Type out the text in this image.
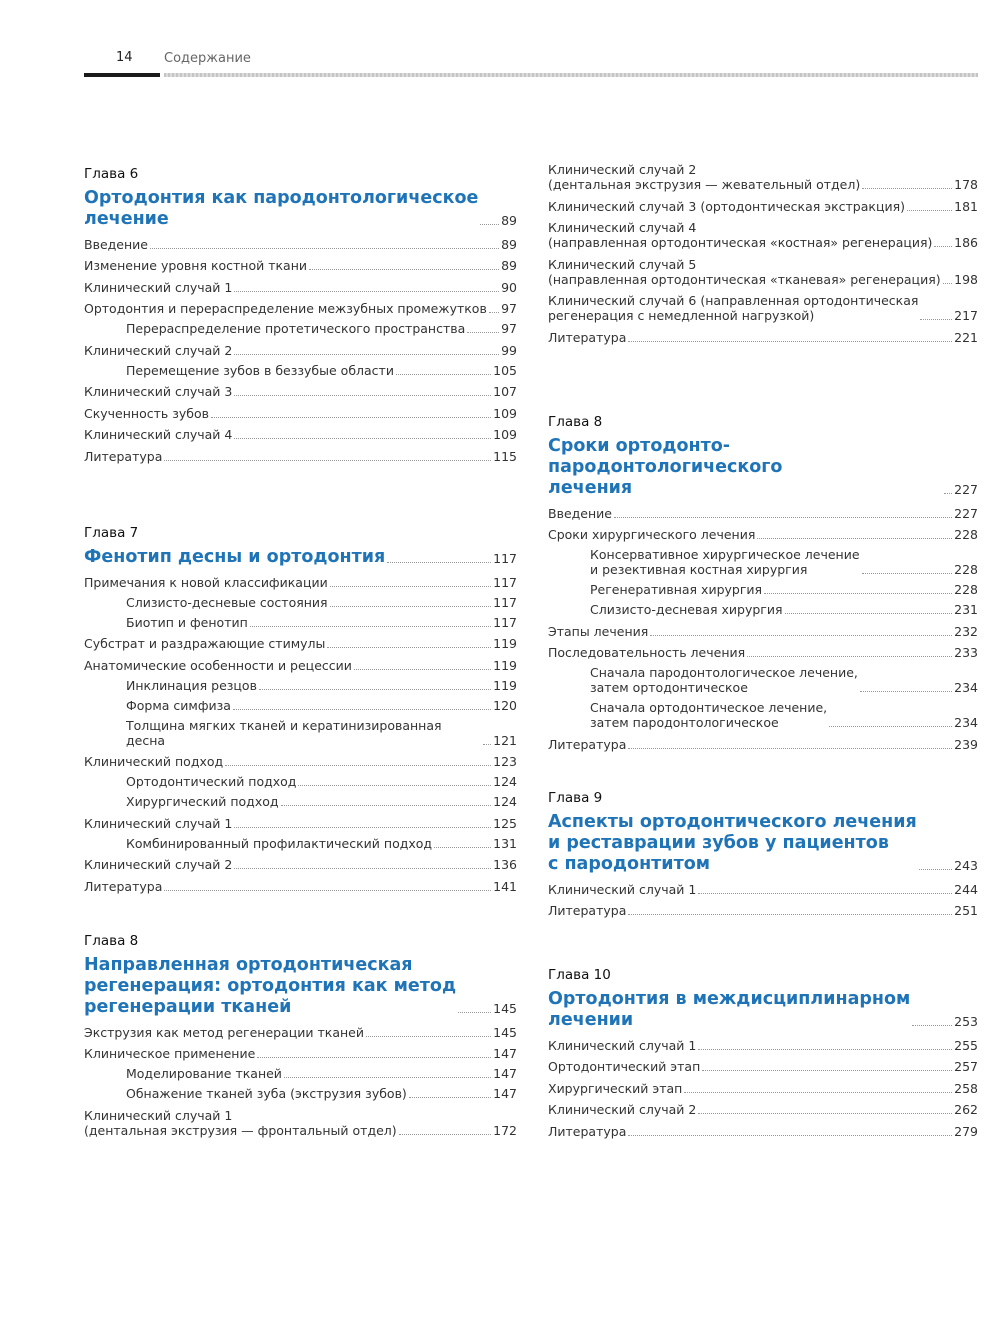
14 Содержание
Глава 6
Ортодонтия как пародонтологическое
лечение	89
Введение	89
Изменение уровня костной ткани	89
Клинический случай 1	90
Ортодонтия и перераспределение межзубных промежутков 97
Перераспределение протетического пространства	97
Клинический случай 2	99
Перемещение зубов в беззубые области	105
Клинический случай 3	107
Скученность зубов	109
Клинический случай 4	109
Литература	115
Глава 7
Фенотип десны и ортодонтия	117
Примечания к новой классификации	117
Слизисто-десневые состояния	117
Биотип и фенотип	117
Субстрат и раздражающие стимулы	119
Анатомические особенности и рецессии	119
Инклинация резцов	119
Форма симфиза	120
Толщина мягких тканей и кератинизированная десна	121
Клинический подход	123
Ортодонтический подход	124
Хирургический подход	124
Клинический случай 1	125
Комбинированный профилактический подход	131
Клинический случай 2	136
Литература	141
Глава 8
Направленная ортодонтическая
регенерация: ортодонтия как метод
регенерации тканей	145
Экструзия как метод регенерации тканей	145
Клиническое применение	147
Моделирование тканей	147
Обнажение тканей зуба (экструзия зубов)	147
Клинический случай 1
(дентальная экструзия — фронтальный отдел)	172
Клинический случай 2
(дентальная экструзия — жевательный отдел)	178
Клинический случай 3 (ортодонтическая экстракция)	181
Клинический случай 4
(направленная ортодонтическая «костная» регенерация) 186
Клинический случай 5
(направленная ортодонтическая «тканевая» регенерация) 198
Клинический случай 6 (направленная ортодонтическая
регенерация с немедленной нагрузкой)	217
Литература	221
Глава 8
Сроки ортодонто-пародонтологического
лечения	227
Введение	227
Сроки хирургического лечения	228
Консервативное хирургическое лечение
и резективная костная хирургия	228
Регенеративная хирургия	228
Слизисто-десневая хирургия	231
Этапы лечения	232
Последовательность лечения	233
Сначала пародонтологическое лечение,
затем ортодонтическое	234
Сначала ортодонтическое лечение,
затем пародонтологическое	234
Литература	239
Глава 9
Аспекты ортодонтического лечения
и реставрации зубов у пациентов
с пародонтитом	243
Клинический случай 1	244
Литература	251
Глава 10
Ортодонтия в междисциплинарном
лечении	253
Клинический случай 1	255
Ортодонтический этап	257
Хирургический этап	258
Клинический случай 2	262
Литература	279
